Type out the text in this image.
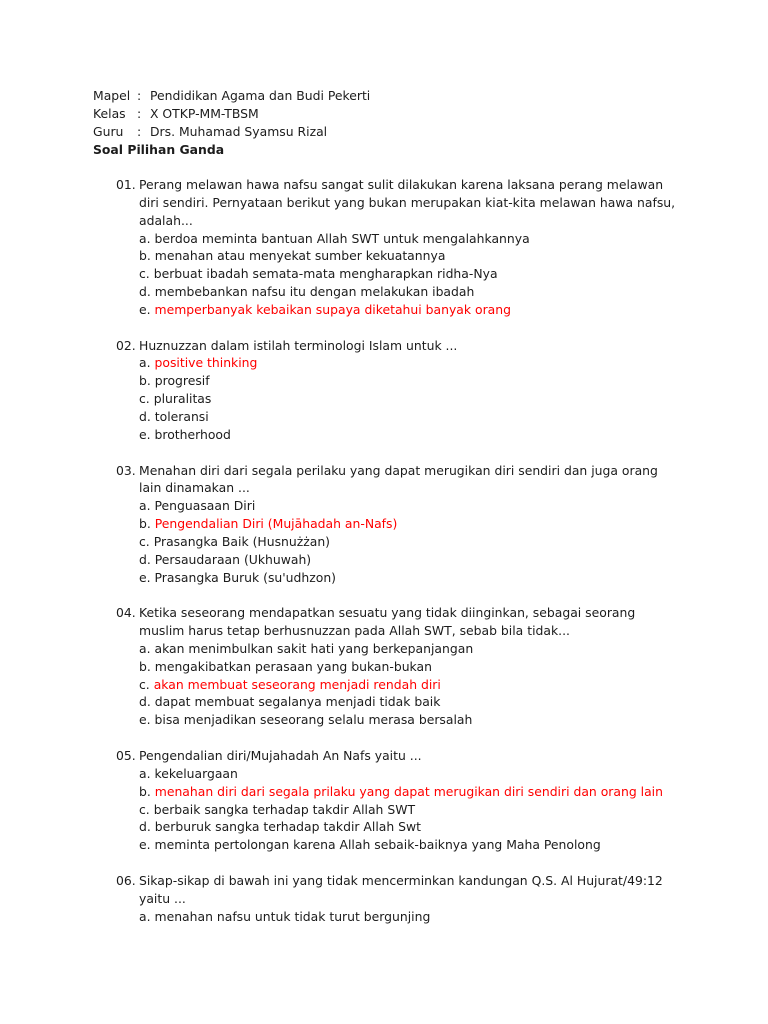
Mapel : Pendidikan Agama dan Budi Pekerti
Kelas : X OTKP-MM-TBSM
Guru	: Drs. Muhamad Syamsu Rizal
Soal Pilihan Ganda
01. Perang melawan hawa nafsu sangat sulit dilakukan karena laksana perang melawan diri sendiri. Pernyataan berikut yang bukan merupakan kiat-kita melawan hawa nafsu, adalah...
a. berdoa meminta bantuan Allah SWT untuk mengalahkannya
b. menahan atau menyekat sumber kekuatannya
c. berbuat ibadah semata-mata mengharapkan ridha-Nya
d. membebankan nafsu itu dengan melakukan ibadah
e. memperbanyak kebaikan supaya diketahui banyak orang
02. Huznuzzan dalam istilah terminologi Islam untuk ...
a. positive thinking
b. progresif
c. pluralitas
d. toleransi
e. brotherhood
03. Menahan diri dari segala perilaku yang dapat merugikan diri sendiri dan juga orang lain dinamakan ...
a. Penguasaan Diri
b. Pengendalian Diri (Mujāhadah an-Nafs)
c. Prasangka Baik (Husnużżan)
d. Persaudaraan (Ukhuwah)
e. Prasangka Buruk (su'udhzon)
04. Ketika seseorang mendapatkan sesuatu yang tidak diinginkan, sebagai seorang muslim harus tetap berhusnuzzan pada Allah SWT, sebab bila tidak...
a. akan menimbulkan sakit hati yang berkepanjangan
b. mengakibatkan perasaan yang bukan-bukan
c. akan membuat seseorang menjadi rendah diri
d. dapat membuat segalanya menjadi tidak baik
e. bisa menjadikan seseorang selalu merasa bersalah
05. Pengendalian diri/Mujahadah An Nafs yaitu ...
a. kekeluargaan
b. menahan diri dari segala prilaku yang dapat merugikan diri sendiri dan orang lain
c. berbaik sangka terhadap takdir Allah SWT
d. berburuk sangka terhadap takdir Allah Swt
e. meminta pertolongan karena Allah sebaik-baiknya yang Maha Penolong
06. Sikap-sikap di bawah ini yang tidak mencerminkan kandungan Q.S. Al Hujurat/49:12 yaitu ...
a. menahan nafsu untuk tidak turut bergunjing
